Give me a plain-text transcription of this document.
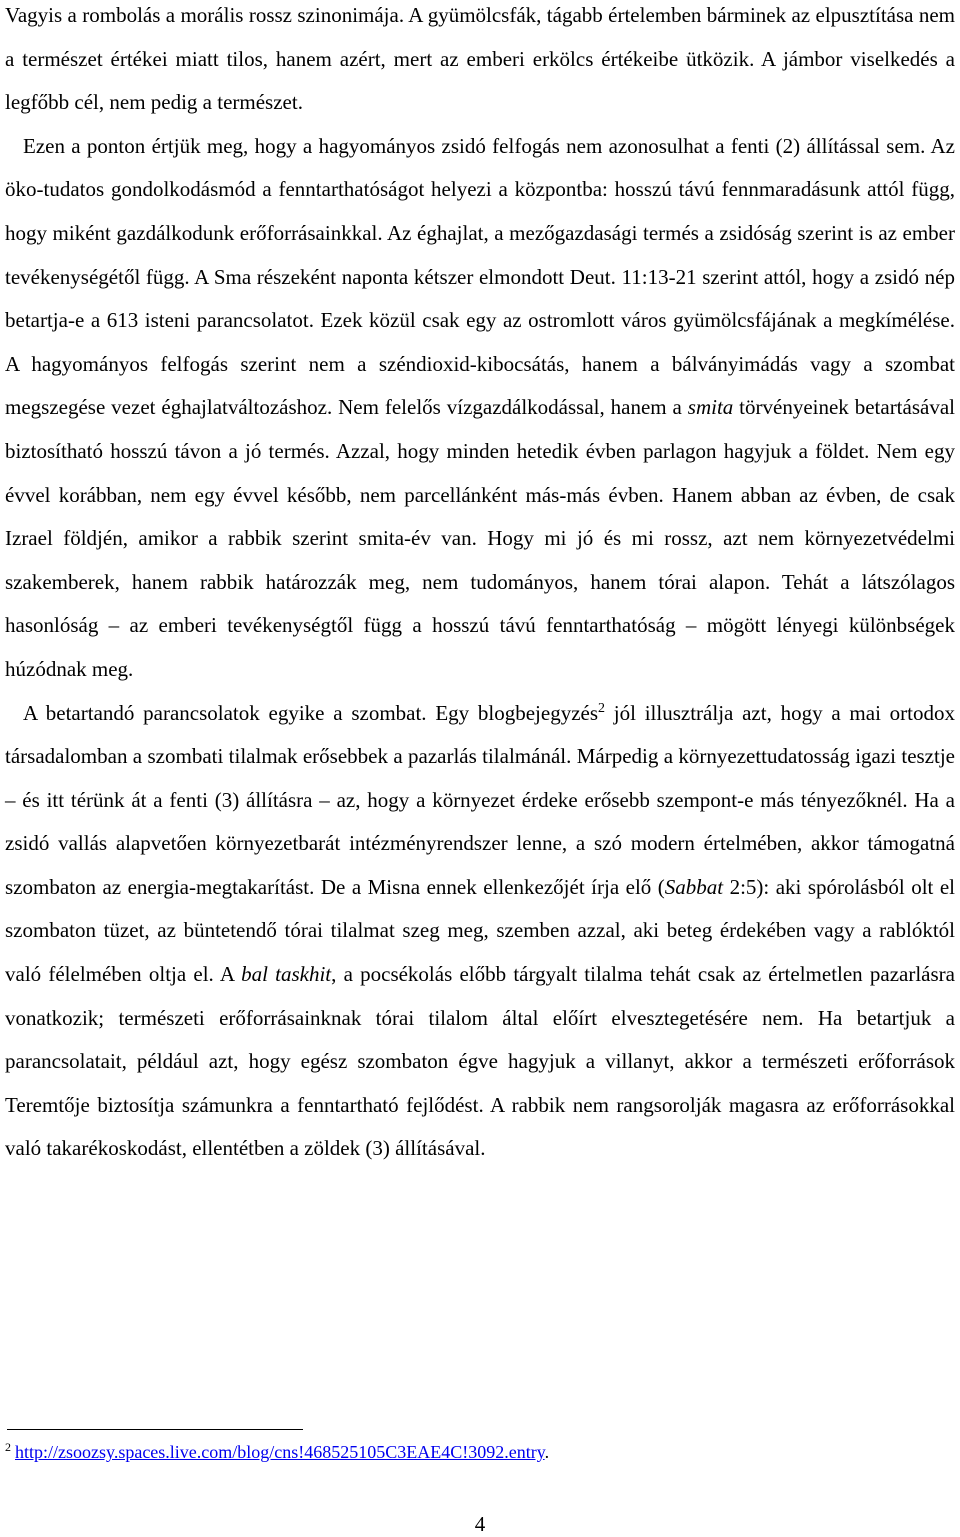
Vagyis a rombolás a morális rossz szinonimája. A gyümölcsfák, tágabb értelemben bárminek az elpusztítása nem a természet értékei miatt tilos, hanem azért, mert az emberi erkölcs értékeibe ütközik. A jámbor viselkedés a legfőbb cél, nem pedig a természet.

Ezen a ponton értjük meg, hogy a hagyományos zsidó felfogás nem azonosulhat a fenti (2) állítással sem. Az öko-tudatos gondolkodásmód a fenntarthatóságot helyezi a központba: hosszú távú fennmaradásunk attól függ, hogy miként gazdálkodunk erőforrásainkkal. Az éghajlat, a mezőgazdasági termés a zsidóság szerint is az ember tevékenységétől függ. A Sma részeként naponta kétszer elmondott Deut. 11:13-21 szerint attól, hogy a zsidó nép betartja-e a 613 isteni parancsolatot. Ezek közül csak egy az ostromlott város gyümölcsfájának a megkímélése. A hagyományos felfogás szerint nem a széndioxid-kibocsátás, hanem a bálványimádás vagy a szombat megszegése vezet éghajlatváltozáshoz. Nem felelős vízgazdálkodással, hanem a smita törvényeinek betartásával biztosítható hosszú távon a jó termés. Azzal, hogy minden hetedik évben parlagon hagyjuk a földet. Nem egy évvel korábban, nem egy évvel később, nem parcellánként más-más évben. Hanem abban az évben, de csak Izrael földjén, amikor a rabbik szerint smita-év van. Hogy mi jó és mi rossz, azt nem környezetvédelmi szakemberek, hanem rabbik határozzák meg, nem tudományos, hanem tórai alapon. Tehát a látszólagos hasonlóság – az emberi tevékenységtől függ a hosszú távú fenntarthatóság – mögött lényegi különbségek húzódnak meg.

A betartandó parancsolatok egyike a szombat. Egy blogbejegyzés$^2$ jól illusztrálja azt, hogy a mai ortodox társadalomban a szombati tilalmak erősebbek a pazarlás tilalmánál. Márpedig a környezettudatosság igazi tesztje – és itt térünk át a fenti (3) állításra – az, hogy a környezet érdeke erősebb szempont-e más tényezőknél. Ha a zsidó vallás alapvetően környezetbarát intézményrendszer lenne, a szó modern értelmében, akkor támogatná szombaton az energia-megtakarítást. De a Misna ennek ellenkezőjét írja elő (Sabbat 2:5): aki spórolásból olt el szombaton tüzet, az büntetendő tórai tilalmat szeg meg, szemben azzal, aki beteg érdekében vagy a rablóktól való félelmében oltja el. A bal taskhit, a pocsékolás előbb tárgyalt tilalma tehát csak az értelmetlen pazarlásra vonatkozik; természeti erőforrásainknak tórai tilalom által előírt elvesztegetésére nem. Ha betartjuk a parancsolatait, például azt, hogy egész szombaton égve hagyjuk a villanyt, akkor a természeti erőforrások Teremtője biztosítja számunkra a fenntartható fejlődést. A rabbik nem rangsorolják magasra az erőforrásokkal való takarékoskodást, ellentétben a zöldek (3) állításával.

$^2$ http://zsoozsy.spaces.live.com/blog/cns!468525105C3EAE4C!3092.entry.
4
